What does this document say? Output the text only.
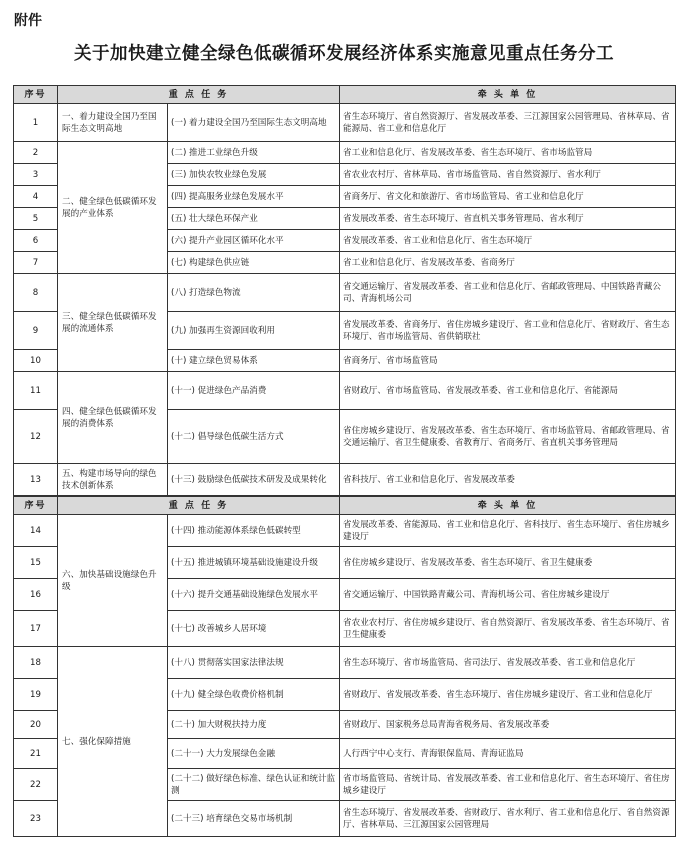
附件
关于加快建立健全绿色低碳循环发展经济体系实施意见重点任务分工
序号	重 点 任 务		牵 头 单 位
1	一、着力建设全国乃至国际生态文明高地	(一) 着力建设全国乃至国际生态文明高地	省生态环境厅、省自然资源厅、省发展改革委、三江源国家公园管理局、省林草局、省能源局、省工业和信息化厅
2	二、健全绿色低碳循环发展的产业体系	(二) 推进工业绿色升级	省工业和信息化厅、省发展改革委、省生态环境厅、省市场监管局
3		(三) 加快农牧业绿色发展	省农业农村厅、省林草局、省市场监管局、省自然资源厅、省水利厅
4		(四) 提高服务业绿色发展水平	省商务厅、省文化和旅游厅、省市场监管局、省工业和信息化厅
5		(五) 壮大绿色环保产业	省发展改革委、省生态环境厅、省直机关事务管理局、省水利厅
6		(六) 提升产业园区循环化水平	省发展改革委、省工业和信息化厅、省生态环境厅
7		(七) 构建绿色供应链	省工业和信息化厅、省发展改革委、省商务厅
8	三、健全绿色低碳循环发展的流通体系	(八) 打造绿色物流	省交通运输厅、省发展改革委、省工业和信息化厅、省邮政管理局、中国铁路青藏公司、青海机场公司
9		(九) 加强再生资源回收利用	省发展改革委、省商务厅、省住房城乡建设厅、省工业和信息化厅、省财政厅、省生态环境厅、省市场监管局、省供销联社
10		(十) 建立绿色贸易体系	省商务厅、省市场监管局
11	四、健全绿色低碳循环发展的消费体系	(十一) 促进绿色产品消费	省财政厅、省市场监管局、省发展改革委、省工业和信息化厅、省能源局
12		(十二) 倡导绿色低碳生活方式	省住房城乡建设厅、省发展改革委、省生态环境厅、省市场监管局、省邮政管理局、省交通运输厅、省卫生健康委、省教育厅、省商务厅、省直机关事务管理局
13	五、构建市场导向的绿色技术创新体系	(十三) 鼓励绿色低碳技术研发及成果转化	省科技厅、省工业和信息化厅、省发展改革委
序号	重 点 任 务		牵 头 单 位
14	六、加快基础设施绿色升级	(十四) 推动能源体系绿色低碳转型	省发展改革委、省能源局、省工业和信息化厅、省科技厅、省生态环境厅、省住房城乡建设厅
15		(十五) 推进城镇环境基础设施建设升级	省住房城乡建设厅、省发展改革委、省生态环境厅、省卫生健康委
16		(十六) 提升交通基础设施绿色发展水平	省交通运输厅、中国铁路青藏公司、青海机场公司、省住房城乡建设厅
17		(十七) 改善城乡人居环境	省农业农村厅、省住房城乡建设厅、省自然资源厅、省发展改革委、省生态环境厅、省卫生健康委
18	七、强化保障措施	(十八) 贯彻落实国家法律法规	省生态环境厅、省市场监管局、省司法厅、省发展改革委、省工业和信息化厅
19		(十九) 健全绿色收费价格机制	省财政厅、省发展改革委、省生态环境厅、省住房城乡建设厅、省工业和信息化厅
20		(二十) 加大财税扶持力度	省财政厅、国家税务总局青海省税务局、省发展改革委
21		(二十一) 大力发展绿色金融	人行西宁中心支行、青海银保监局、青海证监局
22		(二十二) 做好绿色标准、绿色认证和统计监测	省市场监管局、省统计局、省发展改革委、省工业和信息化厅、省生态环境厅、省住房城乡建设厅
23		(二十三) 培育绿色交易市场机制	省生态环境厅、省发展改革委、省财政厅、省水利厅、省工业和信息化厅、省自然资源厅、省林草局、三江源国家公园管理局
